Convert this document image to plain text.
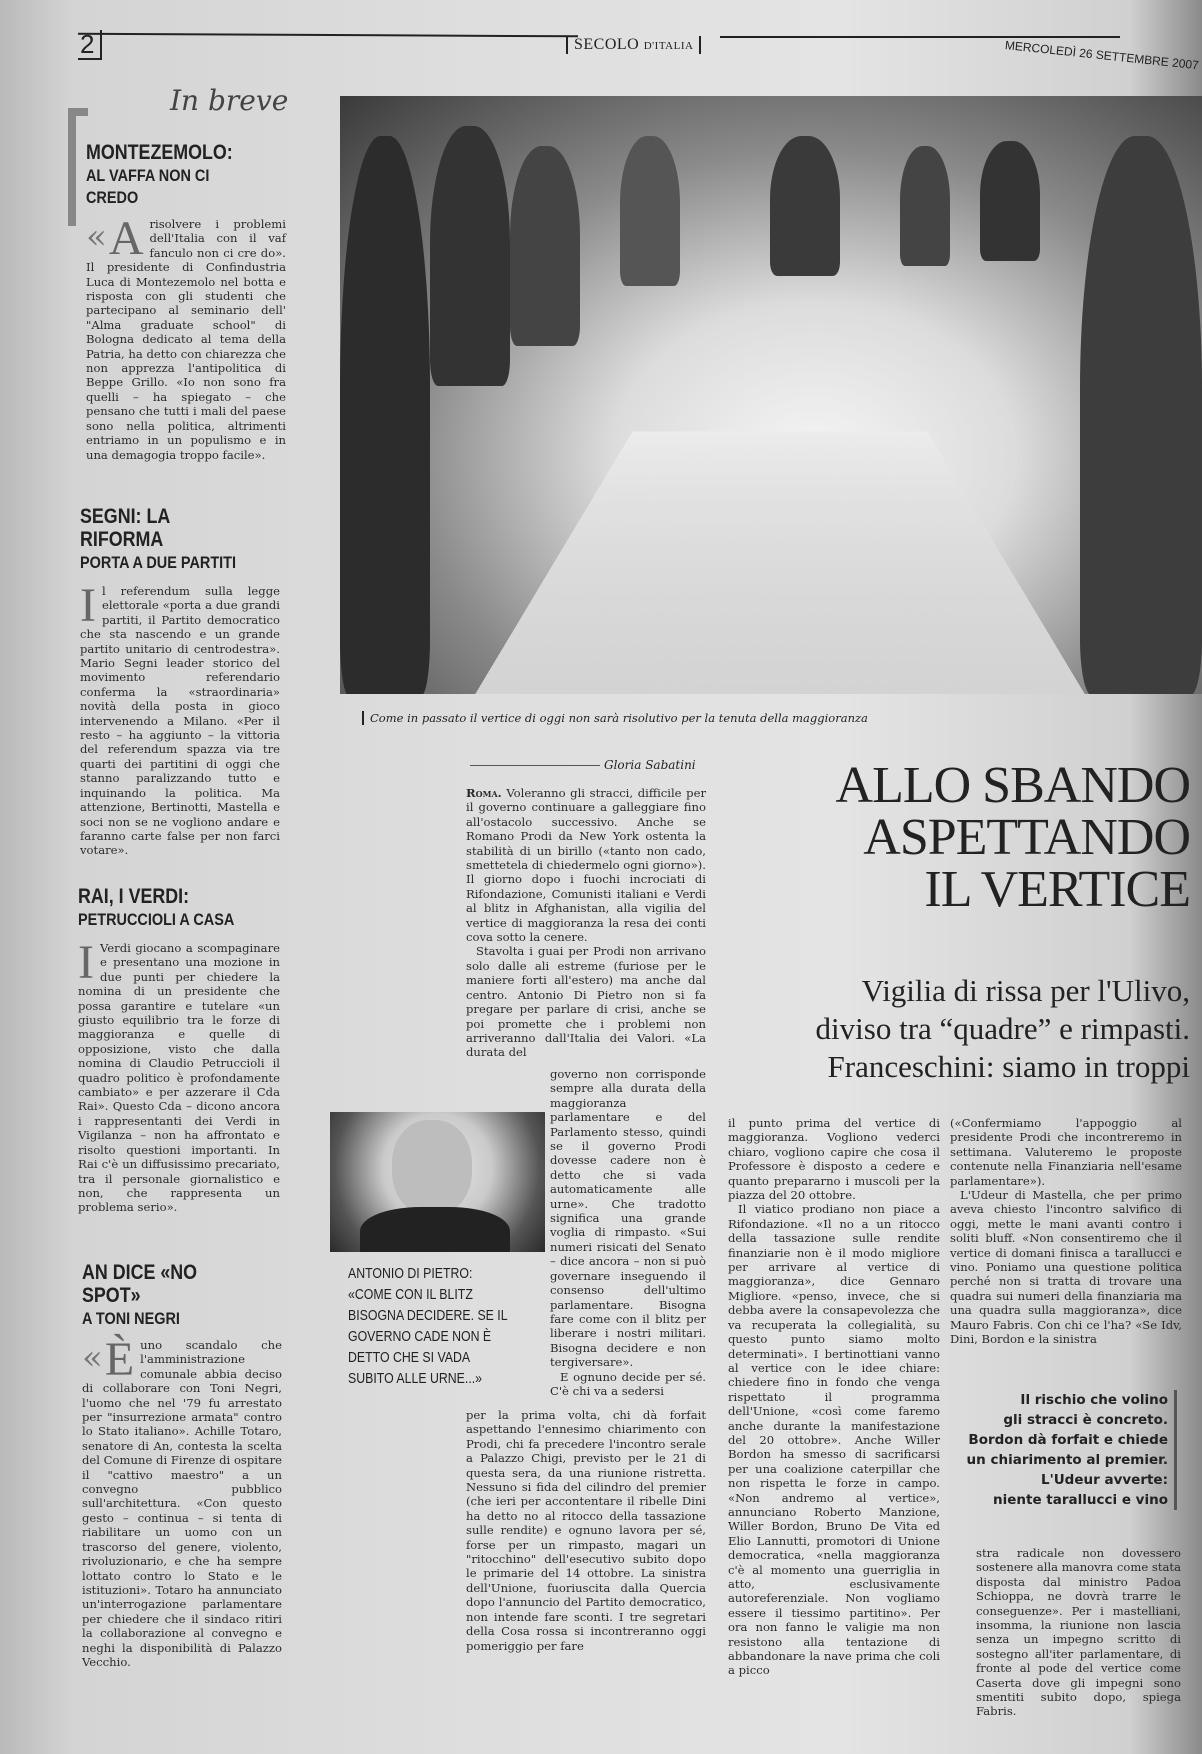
2	SECOLO D'ITALIA	MERCOLEDÌ 26 SETTEMBRE 2007
In breve
MONTEZEMOLO:
AL VAFFA NON CI CREDO
« A risolvere i problemi dell'Italia con il vaf fanculo non ci cre do». Il presidente di Confindustria Luca di Montezemolo nel botta e risposta con gli studenti che partecipano al seminario dell' "Alma graduate school" di Bologna dedicato al tema della Patria, ha detto con chiarezza che non apprezza l'antipolitica di Beppe Grillo. «Io non sono fra quelli – ha spiegato – che pensano che tutti i mali del paese sono nella politica, altrimenti entriamo in un populismo e in una demagogia troppo facile».
SEGNI: LA RIFORMA
PORTA A DUE PARTITI
Il referendum sulla legge elettorale «porta a due grandi partiti, il Partito democratico che sta nascendo e un grande partito unitario di centrodestra». Mario Segni leader storico del movimento referendario conferma la «straordinaria» novità della posta in gioco intervenendo a Milano. «Per il resto – ha aggiunto – la vittoria del referendum spazza via tre quarti dei partitini di oggi che stanno paralizzando tutto e inquinando la politica. Ma attenzione, Bertinotti, Mastella e soci non se ne vogliono andare e faranno carte false per non farci votare».
RAI, I VERDI:
PETRUCCIOLI A CASA
I Verdi giocano a scompaginare e presentano una mozione in due punti per chiedere la nomina di un presidente che possa garantire e tutelare «un giusto equilibrio tra le forze di maggioranza e quelle di opposizione, visto che dalla nomina di Claudio Petruccioli il quadro politico è profondamente cambiato» e per azzerare il Cda Rai». Questo Cda – dicono ancora i rappresentanti dei Verdi in Vigilanza – non ha affrontato e risolto questioni importanti. In Rai c'è un diffusissimo precariato, tra il personale giornalistico e non, che rappresenta un problema serio».
AN DICE «NO SPOT»
A TONI NEGRI
« È uno scandalo che l'amministrazione comunale abbia deciso di collaborare con Toni Negri, l'uomo che nel '79 fu arrestato per "insurrezione armata" contro lo Stato italiano». Achille Totaro, senatore di An, contesta la scelta del Comune di Firenze di ospitare il "cattivo maestro" a un convegno pubblico sull'architettura. «Con questo gesto – continua – si tenta di riabilitare un uomo con un trascorso del genere, violento, rivoluzionario, e che ha sempre lottato contro lo Stato e le istituzioni». Totaro ha annunciato un'interrogazione parlamentare per chiedere che il sindaco ritiri la collaborazione al convegno e neghi la disponibilità di Palazzo Vecchio.
Come in passato il vertice di oggi non sarà risolutivo per la tenuta della maggioranza
Gloria Sabatini	ALLO SBANDO
ASPETTANDO
IL VERTICE
Vigilia di rissa per l'Ulivo,
diviso tra “quadre” e rimpasti.
Franceschini: siamo in troppi

Roma. Voleranno gli stracci, difficile per il governo continuare a galleggiare fino all'ostacolo successivo. Anche se Romano Prodi da New York ostenta la stabilità di un birillo («tanto non cado, smettetela di chiedermelo ogni giorno»). Il giorno dopo i fuochi incrociati di Rifondazione, Comunisti italiani e Verdi al blitz in Afghanistan, alla vigilia del vertice di maggioranza la resa dei conti cova sotto la cenere.

Stavolta i guai per Prodi non arrivano solo dalle ali estreme (furiose per le maniere forti all'estero) ma anche dal centro. Antonio Di Pietro non si fa pregare per parlare di crisi, anche se poi promette che i problemi non arriveranno dall'Italia dei Valori. «La durata del

governo non corrisponde sempre alla durata della maggioranza parlamentare e del Parlamento stesso, quindi se il governo Prodi dovesse cadere non è detto che si vada automaticamente alle urne». Che tradotto significa una grande voglia di rimpasto. «Sui numeri risicati del Senato – dice ancora – non si può governare inseguendo il consenso dell'ultimo parlamentare. Bisogna fare come con il blitz per liberare i nostri militari. Bisogna decidere e non tergiversare».

E ognuno decide per sé. C'è chi va a sedersi

per la prima volta, chi dà forfait aspettando l'ennesimo chiarimento con Prodi, chi fa precedere l'incontro serale a Palazzo Chigi, previsto per le 21 di questa sera, da una riunione ristretta. Nessuno si fida del cilindro del premier (che ieri per accontentare il ribelle Dini ha detto no al ritocco della tassazione sulle rendite) e ognuno lavora per sé, forse per un rimpasto, magari un "ritocchino" dell'esecutivo subito dopo le primarie del 14 ottobre. La sinistra dell'Unione, fuoriuscita dalla Quercia dopo l'annuncio del Partito democratico, non intende fare sconti. I tre segretari della Cosa rossa si incontreranno oggi pomeriggio per fare

ANTONIO DI PIETRO: «COME CON IL BLITZ BISOGNA DECIDERE. SE IL GOVERNO CADE NON È DETTO CHE SI VADA SUBITO ALLE URNE...»

il punto prima del vertice di maggioranza. Vogliono vederci chiaro, vogliono capire che cosa il Professore è disposto a cedere e quanto prepararno i muscoli per la piazza del 20 ottobre.

Il viatico prodiano non piace a Rifondazione. «Il no a un ritocco della tassazione sulle rendite finanziarie non è il modo migliore per arrivare al vertice di maggioranza», dice Gennaro Migliore. «penso, invece, che si debba avere la consapevolezza che va recuperata la collegialità, su questo punto siamo molto determinati». I bertinottiani vanno al vertice con le idee chiare: chiedere fino in fondo che venga rispettato il programma dell'Unione, «così come faremo anche durante la manifestazione del 20 ottobre». Anche Willer Bordon ha smesso di sacrificarsi per una coalizione caterpillar che non rispetta le forze in campo. «Non andremo al vertice», annunciano Roberto Manzione, Willer Bordon, Bruno De Vita ed Elio Lannutti, promotori di Unione democratica, «nella maggioranza c'è al momento una guerriglia in atto, esclusivamente autoreferenziale. Non vogliamo essere il tiessimo partitino». Per ora non fanno le valigie ma non resistono alla tentazione di abbandonare la nave prima che coli a picco

(«Confermiamo l'appoggio al presidente Prodi che incontreremo in settimana. Valuteremo le proposte contenute nella Finanziaria nell'esame parlamentare»).

L'Udeur di Mastella, che per primo aveva chiesto l'incontro salvifico di oggi, mette le mani avanti contro i soliti bluff. «Non consentiremo che il vertice di domani finisca a tarallucci e vino. Poniamo una questione politica perché non si tratta di trovare una quadra sui numeri della finanziaria ma una quadra sulla maggioranza», dice Mauro Fabris. Con chi ce l'ha? «Se Idv, Dini, Bordon e la sinistra

Il rischio che volino
gli stracci è concreto.
Bordon dà forfait e chiede
un chiarimento al premier.
L'Udeur avverte:
niente tarallucci e vino

stra radicale non dovessero sostenere alla manovra come stata disposta dal ministro Padoa Schioppa, ne dovrà trarre le conseguenze». Per i mastelliani, insomma, la riunione non lascia senza un impegno scritto di sostegno all'iter parlamentare, di fronte al pode del vertice come Caserta dove gli impegni sono smentiti subito dopo, spiega Fabris.
